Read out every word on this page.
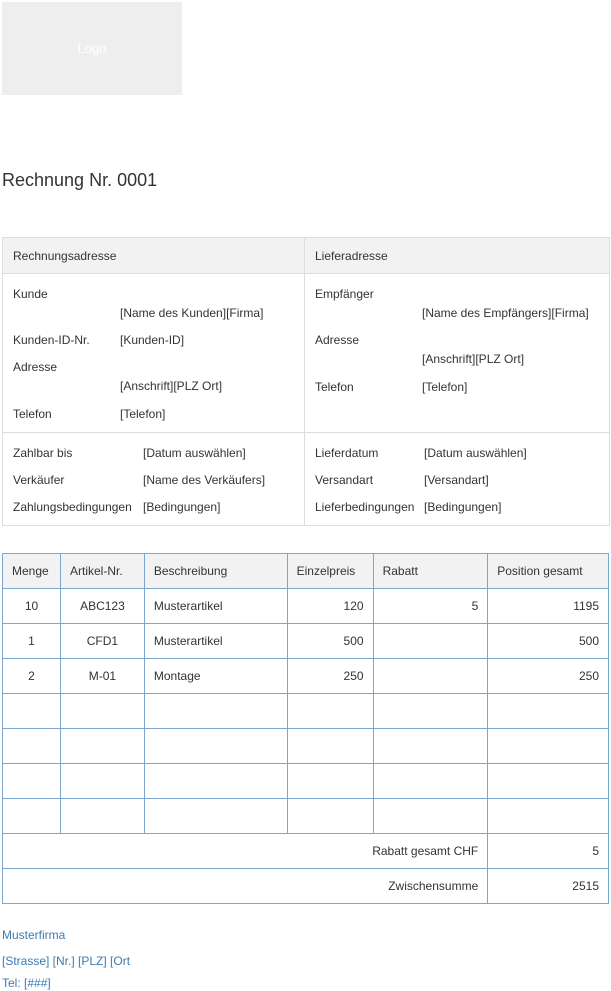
Logo
Rechnung Nr. 0001
Rechnungsadresse	Lieferadresse
Kunde
[Name des Kunden][Firma]
Kunden-ID-Nr.	[Kunden-ID]
Adresse
[Anschrift][PLZ Ort]
Telefon	[Telefon]
Empfänger
[Name des Empfängers][Firma]
Adresse
[Anschrift][PLZ Ort]
Telefon	[Telefon]
Zahlbar bis	[Datum auswählen]
Verkäufer	[Name des Verkäufers]
Zahlungsbedingungen [Bedingungen]
Lieferdatum	[Datum auswählen]
Versandart	[Versandart]
Lieferbedingungen [Bedingungen]
Menge	Artikel-Nr.	Beschreibung	Einzelpreis	Rabatt	Position gesamt
10	ABC123	Musterartikel	120	5	1195
1	CFD1	Musterartikel	500		500
2	M-01	Montage	250		250

Rabatt gesamt CHF					5
Zwischensumme					2515
Musterfirma
[Strasse] [Nr.] [PLZ] [Ort
Tel: [###]
